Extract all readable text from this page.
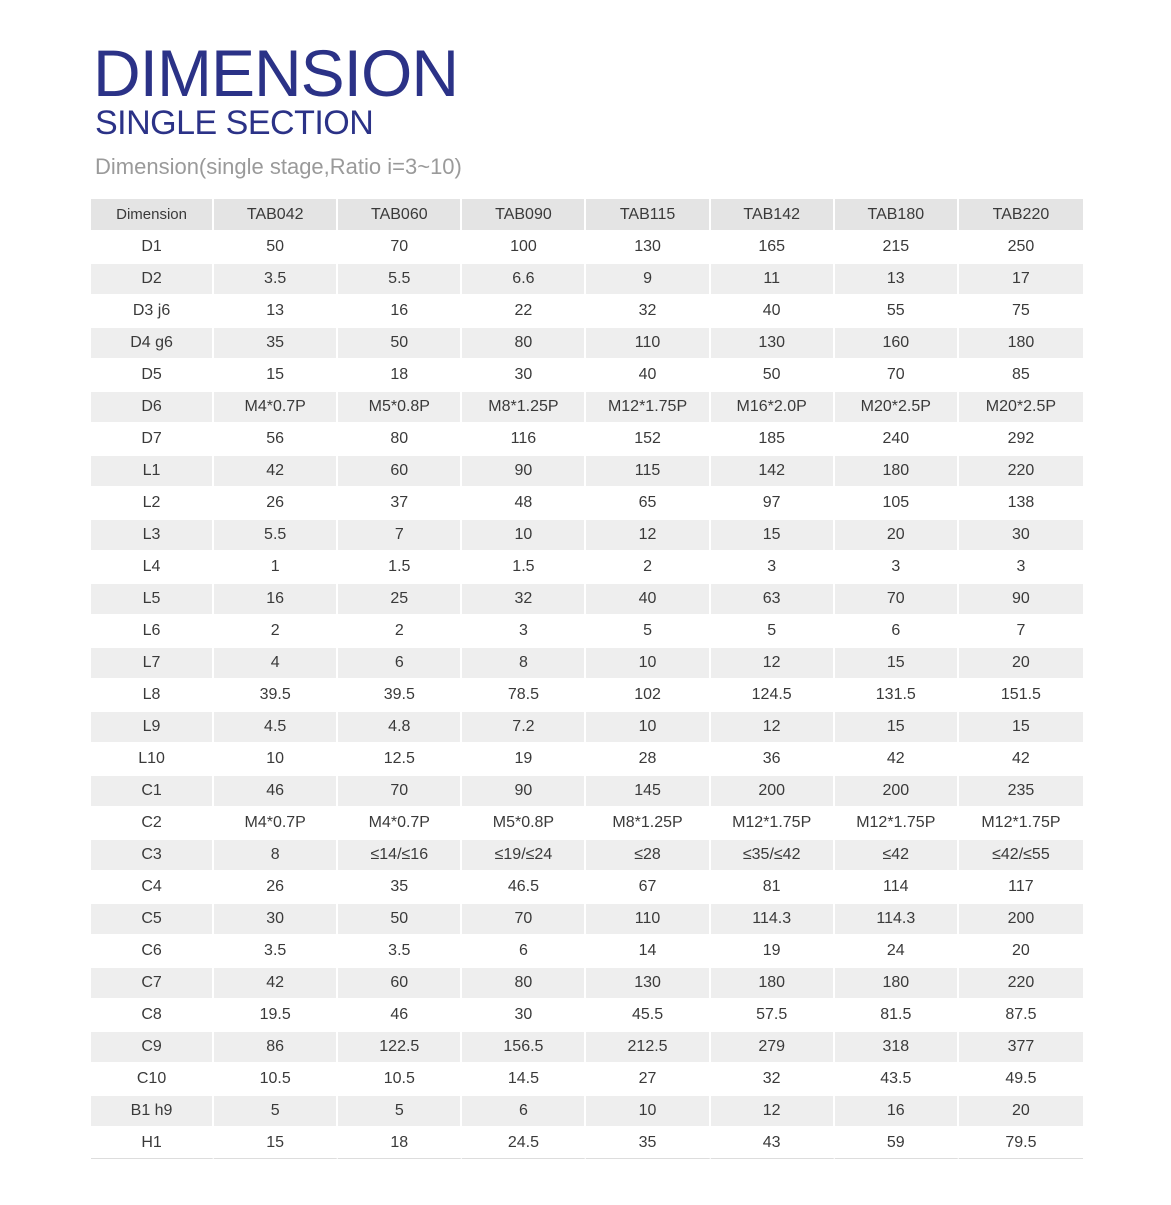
DIMENSION
SINGLE SECTION
Dimension(single stage,Ratio i=3~10)
Dimension	TAB042	TAB060	TAB090	TAB115	TAB142	TAB180	TAB220
D1	50	70	100	130	165	215	250
D2	3.5	5.5	6.6	9	11	13	17
D3 j6	13	16	22	32	40	55	75
D4 g6	35	50	80	110	130	160	180
D5	15	18	30	40	50	70	85
D6	M4*0.7P	M5*0.8P	M8*1.25P	M12*1.75P	M16*2.0P	M20*2.5P	M20*2.5P
D7	56	80	116	152	185	240	292
L1	42	60	90	115	142	180	220
L2	26	37	48	65	97	105	138
L3	5.5	7	10	12	15	20	30
L4	1	1.5	1.5	2	3	3	3
L5	16	25	32	40	63	70	90
L6	2	2	3	5	5	6	7
L7	4	6	8	10	12	15	20
L8	39.5	39.5	78.5	102	124.5	131.5	151.5
L9	4.5	4.8	7.2	10	12	15	15
L10	10	12.5	19	28	36	42	42
C1	46	70	90	145	200	200	235
C2	M4*0.7P	M4*0.7P	M5*0.8P	M8*1.25P	M12*1.75P	M12*1.75P	M12*1.75P
C3	8	≤14/≤16	≤19/≤24	≤28	≤35/≤42	≤42	≤42/≤55
C4	26	35	46.5	67	81	114	117
C5	30	50	70	110	114.3	114.3	200
C6	3.5	3.5	6	14	19	24	20
C7	42	60	80	130	180	180	220
C8	19.5	46	30	45.5	57.5	81.5	87.5
C9	86	122.5	156.5	212.5	279	318	377
C10	10.5	10.5	14.5	27	32	43.5	49.5
B1 h9	5	5	6	10	12	16	20
H1	15	18	24.5	35	43	59	79.5
